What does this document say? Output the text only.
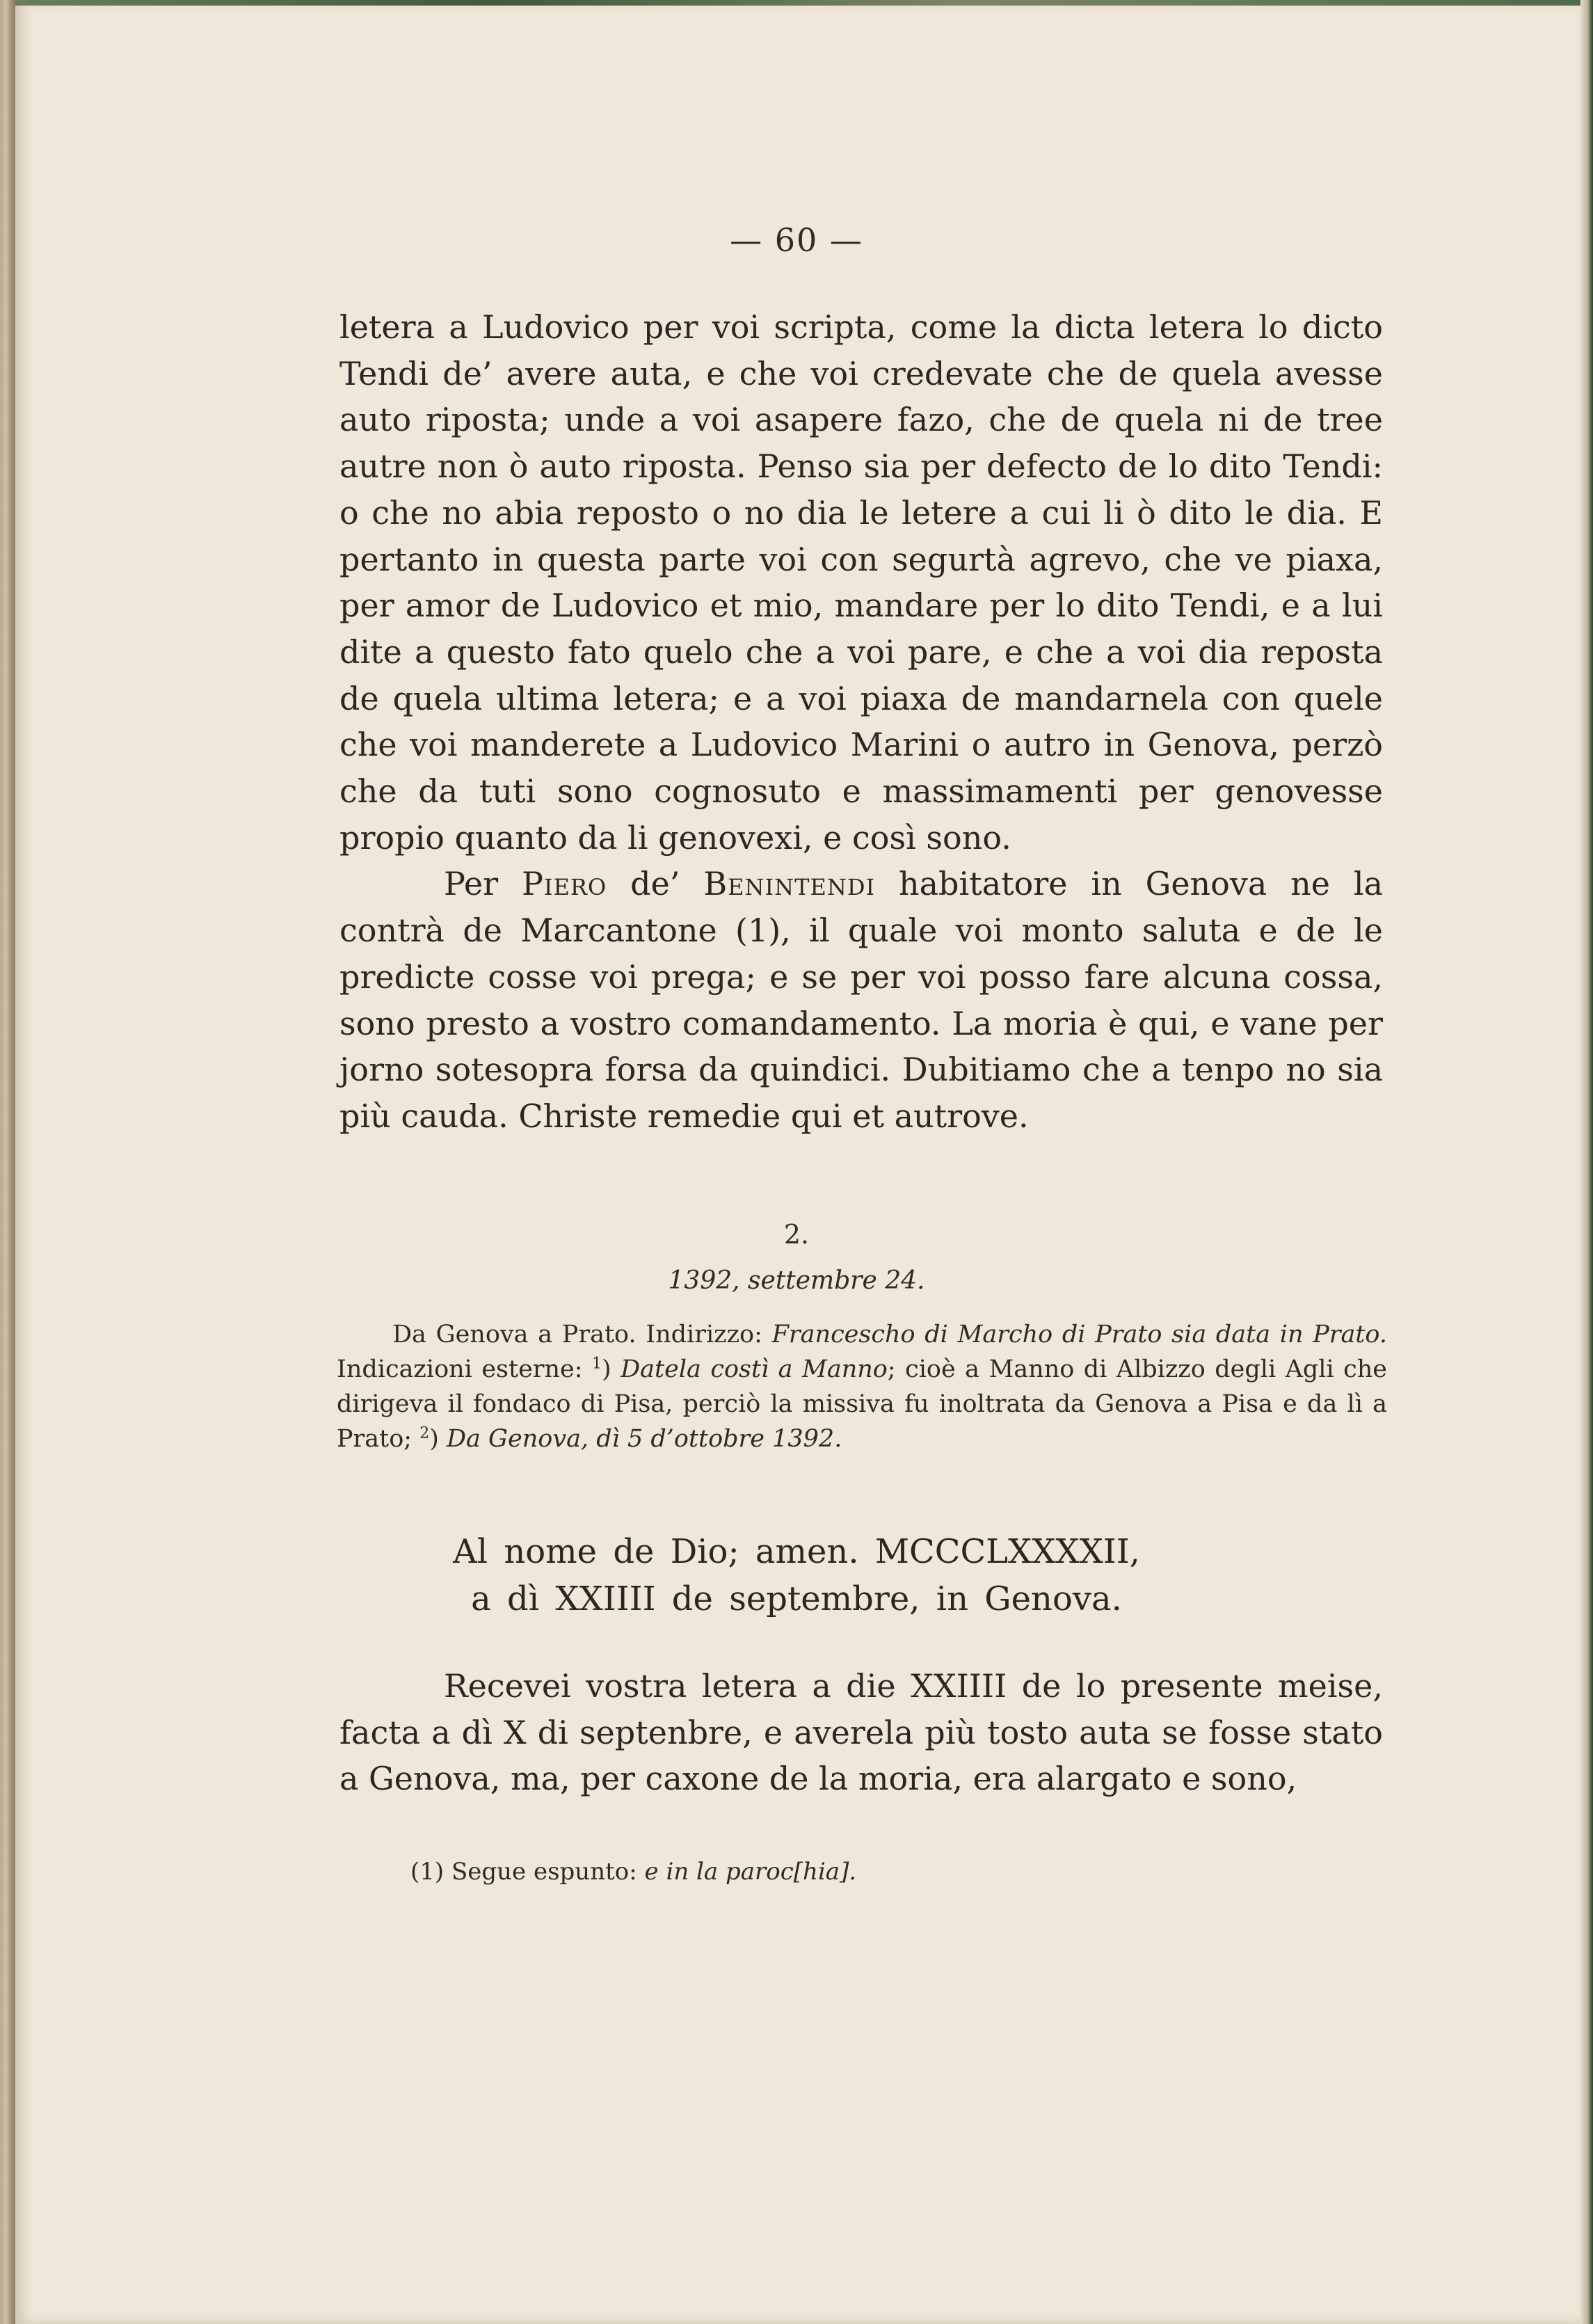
— 60 —

letera a Ludovico per voi scripta, come la dicta letera lo dicto Tendi de’ avere auta, e che voi credevate che de quela avesse auto riposta; unde a voi asapere fazo, che de quela ni de tree autre non ò auto riposta. Penso sia per defecto de lo dito Tendi: o che no abia reposto o no dia le letere a cui li ò dito le dia. E pertanto in questa parte voi con segurtà agrevo, che ve piaxa, per amor de Ludovico et mio, mandare per lo dito Tendi, e a lui dite a questo fato quelo che a voi pare, e che a voi dia reposta de quela ultima letera; e a voi piaxa de mandarnela con quele che voi manderete a Ludovico Marini o autro in Genova, perzò che da tuti sono cognosuto e massimamenti per genovesse propio quanto da li genovexi, e così sono.

Per Piero de’ Benintendi habitatore in Genova ne la contrà de Marcantone (1), il quale voi monto saluta e de le predicte cosse voi prega; e se per voi posso fare alcuna cossa, sono presto a vostro comandamento. La moria è qui, e vane per jorno sotesopra forsa da quindici. Dubitiamo che a tenpo no sia più cauda. Christe remedie qui et autrove.

2.
1392, settembre 24.

Da Genova a Prato. Indirizzo: Francescho di Marcho di Prato sia data in Prato. Indicazioni esterne: $^1$) Datela costì a Manno; cioè a Manno di Albizzo degli Agli che dirigeva il fondaco di Pisa, perciò la missiva fu inoltrata da Genova a Pisa e da lì a Prato; $^2$) Da Genova, dì 5 d’ottobre 1392.

Al nome de Dio; amen. MCCCLXXXXII,
a dì XXIIII de septembre, in Genova.

Recevei vostra letera a die XXIIII de lo presente meise, facta a dì X di septenbre, e averela più tosto auta se fosse stato a Genova, ma, per caxone de la moria, era alargato e sono,

(1) Segue espunto: e in la paroc[hia].
